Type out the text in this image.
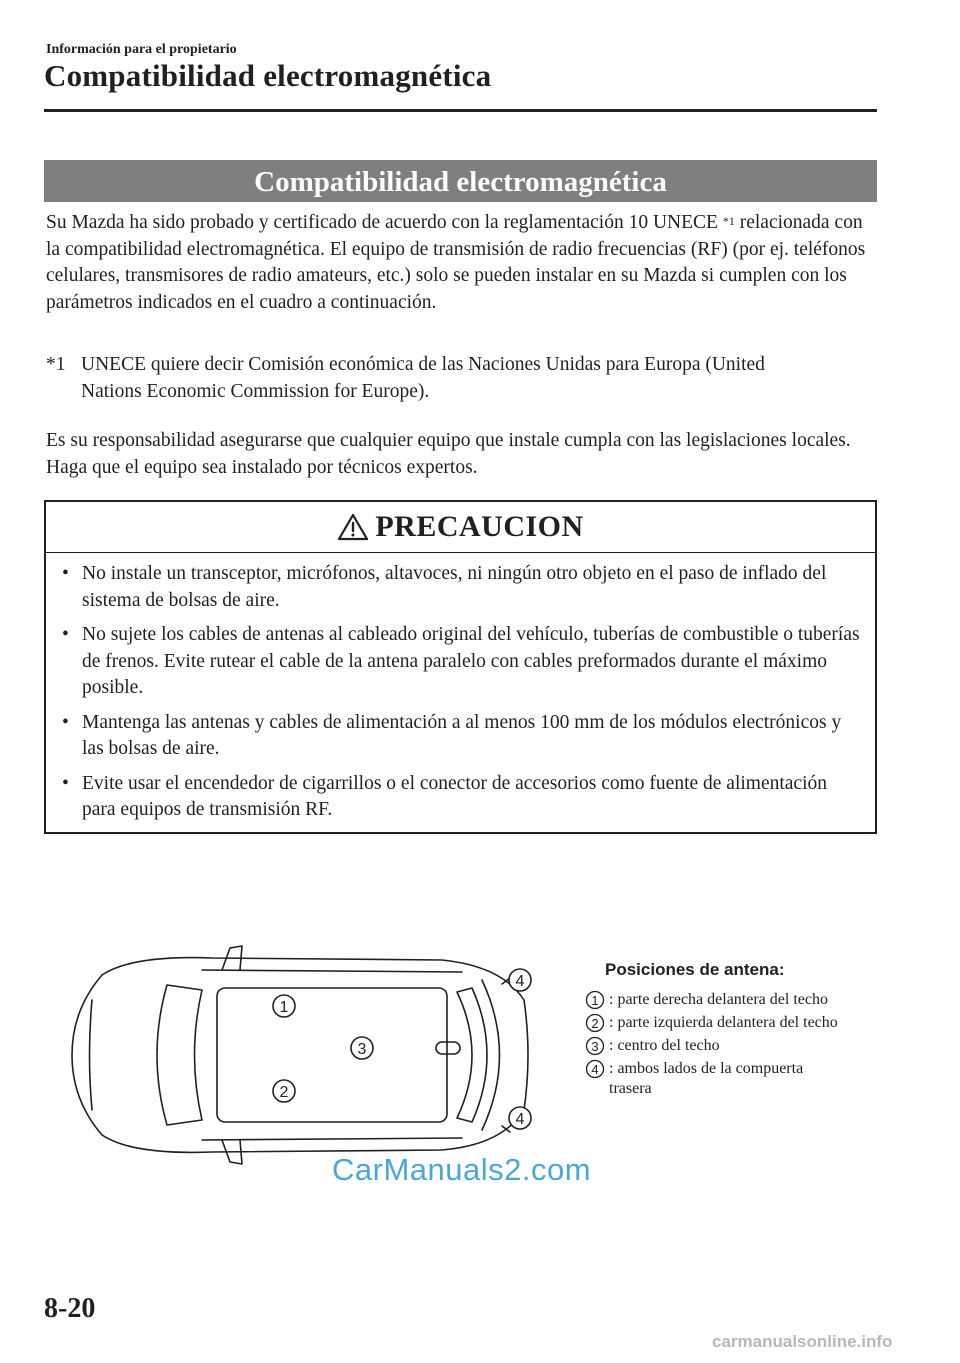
Información para el propietario
Compatibilidad electromagnética
Compatibilidad electromagnética
Su Mazda ha sido probado y certificado de acuerdo con la reglamentación 10 UNECE $^{*1}$ relacionada con la compatibilidad electromagnética. El equipo de transmisión de radio frecuencias (RF) (por ej. teléfonos celulares, transmisores de radio amateurs, etc.) solo se pueden instalar en su Mazda si cumplen con los parámetros indicados en el cuadro a continuación.
*1 UNECE quiere decir Comisión económica de las Naciones Unidas para Europa (United
Nations Economic Commission for Europe).
Es su responsabilidad asegurarse que cualquier equipo que instale cumpla con las legislaciones locales. Haga que el equipo sea instalado por técnicos expertos.
PRECAUCION
• No instale un transceptor, micrófonos, altavoces, ni ningún otro objeto en el paso de inflado del sistema de bolsas de aire.
• No sujete los cables de antenas al cableado original del vehículo, tuberías de combustible o tuberías de frenos. Evite rutear el cable de la antena paralelo con cables preformados durante el máximo posible.
• Mantenga las antenas y cables de alimentación a al menos 100 mm de los módulos electrónicos y las bolsas de aire.
• Evite usar el encendedor de cigarrillos o el conector de accesorios como fuente de alimentación para equipos de transmisión RF.
1
2
3
4
4
Posiciones de antena:
1 : parte derecha delantera del techo
2 : parte izquierda delantera del techo
3 : centro del techo
4 : ambos lados de la compuerta trasera
CarManuals2.com
8-20
carmanualsonline.info
